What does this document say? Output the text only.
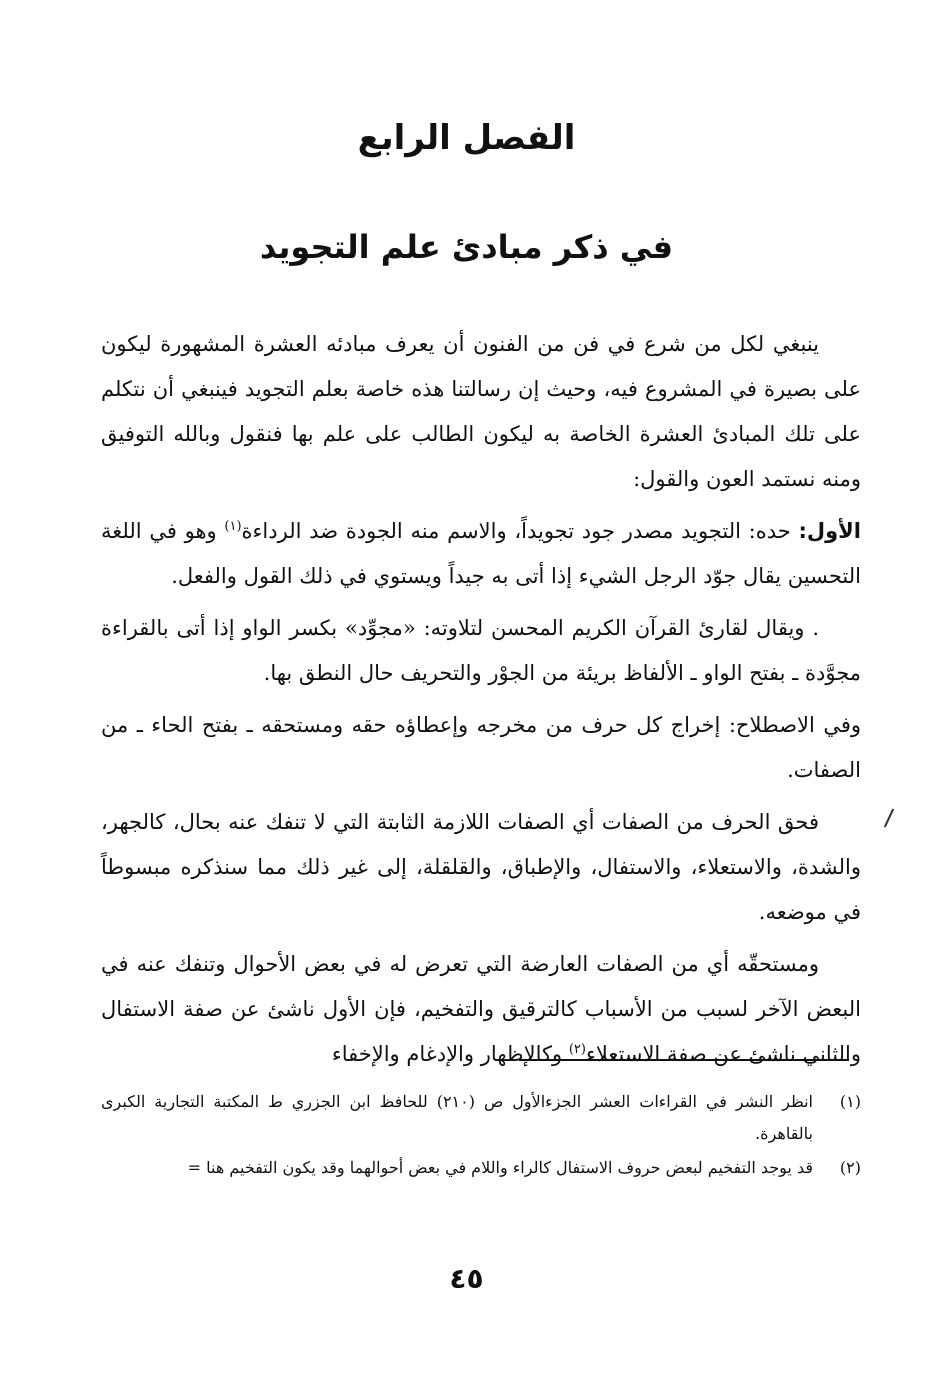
الفصل الرابع
في ذكر مبادئ علم التجويد

ينبغي لكل من شرع في فن من الفنون أن يعرف مبادئه العشرة المشهورة ليكون على بصيرة في المشروع فيه، وحيث إن رسالتنا هذه خاصة بعلم التجويد فينبغي أن نتكلم على تلك المبادئ العشرة الخاصة به ليكون الطالب على علم بها فنقول وبالله التوفيق ومنه نستمد العون والقول:

الأول: حده: التجويد مصدر جود تجويداً، والاسم منه الجودة ضد الرداءة$^{(١)}$ وهو في اللغة التحسين يقال جوّد الرجل الشيء إذا أتى به جيداً ويستوي في ذلك القول والفعل.

. ويقال لقارئ القرآن الكريم المحسن لتلاوته: «مجوِّد» بكسر الواو إذا أتى بالقراءة مجوَّدة ـ بفتح الواو ـ الألفاظ بريئة من الجوْر والتحريف حال النطق بها.

وفي الاصطلاح: إخراج كل حرف من مخرجه وإعطاؤه حقه ومستحقه ـ بفتح الحاء ـ من الصفات.

فحق الحرف من الصفات أي الصفات اللازمة الثابتة التي لا تنفك عنه بحال، كالجهر، والشدة، والاستعلاء، والاستفال، والإطباق، والقلقلة، إلى غير ذلك مما سنذكره مبسوطاً في موضعه.

ومستحقّه أي من الصفات العارضة التي تعرض له في بعض الأحوال وتنفك عنه في البعض الآخر لسبب من الأسباب كالترقيق والتفخيم، فإن الأول ناشئ عن صفة الاستفال والثاني ناشئ عن صفة الاستعلاء$^{(٢)}$ وكالإظهار والإدغام والإخفاء

(١)
انظر النشر في القراءات العشر الجزءالأول ص (٢١٠) للحافظ ابن الجزري ط المكتبة التجارية الكبرى بالقاهرة.
(٢)
قد يوجد التفخيم لبعض حروف الاستفال كالراء واللام في بعض أحوالهما وقد يكون التفخيم هنا =
٤٥
